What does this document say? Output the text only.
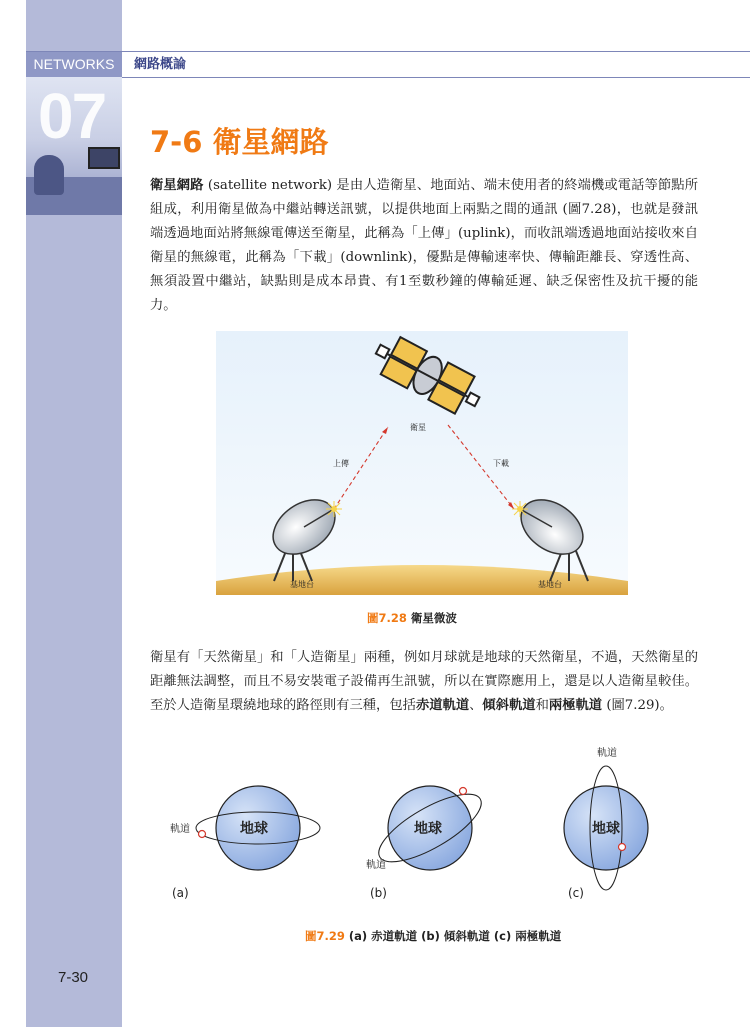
NETWORKS	網路概論
07 7-6 衛星網路

衛星網路 (satellite network) 是由人造衛星、地面站、端末使用者的終端機或電話等節點所組成，利用衛星做為中繼站轉送訊號，以提供地面上兩點之間的通訊 (圖7.28)，也就是發訊端透過地面站將無線電傳送至衛星，此稱為「上傳」(uplink)，而收訊端透過地面站接收來自衛星的無線電，此稱為「下載」(downlink)，優點是傳輸速率快、傳輸距離長、穿透性高、無須設置中繼站，缺點則是成本昂貴、有1至數秒鐘的傳輸延遲、缺乏保密性及抗干擾的能力。

衛星
上傳	下載
基地台	基地台
圖7.28 衛星微波

衛星有「天然衛星」和「人造衛星」兩種，例如月球就是地球的天然衛星，不過，天然衛星的距離無法調整，而且不易安裝電子設備再生訊號，所以在實際應用上，還是以人造衛星較佳。至於人造衛星環繞地球的路徑則有三種，包括赤道軌道、傾斜軌道和兩極軌道 (圖7.29)。

地球
軌道
(a)
地球
軌道
(b)
地球
軌道
(c)
圖7.29 (a) 赤道軌道 (b) 傾斜軌道 (c) 兩極軌道
7-30
